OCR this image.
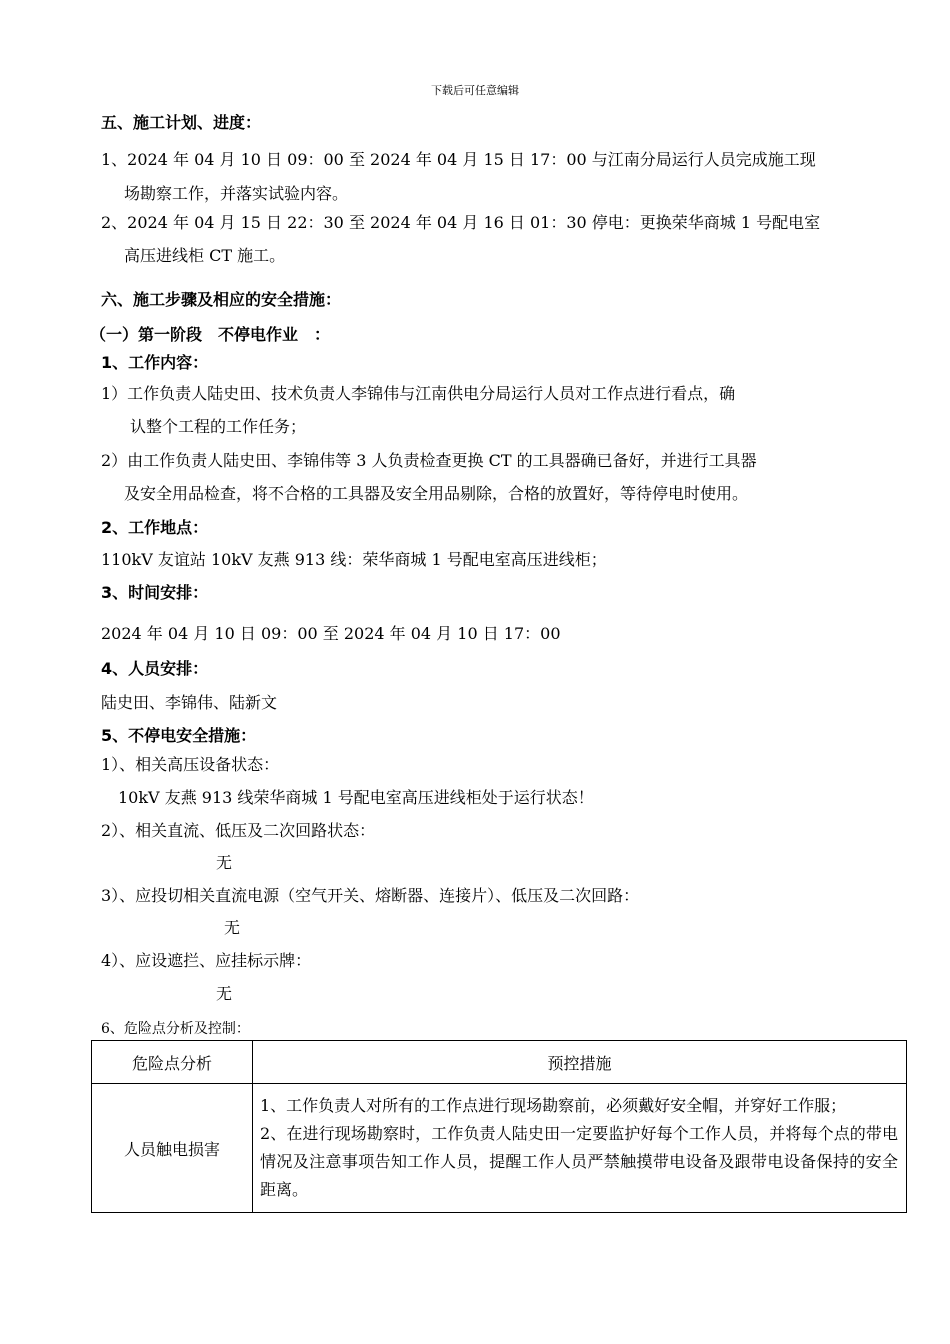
下载后可任意编辑
五、施工计划、进度：
1、2024 年 04 月 10 日 09：00 至 2024 年 04 月 15 日 17：00 与江南分局运行人员完成施工现
场勘察工作，并落实试验内容。
2、2024 年 04 月 15 日 22：30 至 2024 年 04 月 16 日 01：30 停电：更换荣华商城 1 号配电室
高压进线柜 CT 施工。
六、施工步骤及相应的安全措施：
（一）第一阶段　不停电作业　：
1、工作内容：
1）工作负责人陆史田、技术负责人李锦伟与江南供电分局运行人员对工作点进行看点，确
认整个工程的工作任务；
2）由工作负责人陆史田、李锦伟等 3 人负责检查更换 CT 的工具器确已备好，并进行工具器
及安全用品检查，将不合格的工具器及安全用品剔除，合格的放置好，等待停电时使用。
2、工作地点：
110kV 友谊站 10kV 友燕 913 线：荣华商城 1 号配电室高压进线柜；
3、时间安排：
2024 年 04 月 10 日 09：00 至 2024 年 04 月 10 日 17：00
4、人员安排：
陆史田、李锦伟、陆新文
5、不停电安全措施：
1）、相关高压设备状态：
10kV 友燕 913 线荣华商城 1 号配电室高压进线柜处于运行状态！
2）、相关直流、低压及二次回路状态：
无
3）、应投切相关直流电源（空气开关、熔断器、连接片）、低压及二次回路：
无
4）、应设遮拦、应挂标示牌：
无
6、危险点分析及控制：
危险点分析	预控措施
人员触电损害	1、工作负责人对所有的工作点进行现场勘察前，必须戴好安全帽，并穿好工作服；
2、在进行现场勘察时，工作负责人陆史田一定要监护好每个工作人员，并将每个点的带电情况及注意事项告知工作人员，提醒工作人员严禁触摸带电设备及跟带电设备保持的安全距离。
